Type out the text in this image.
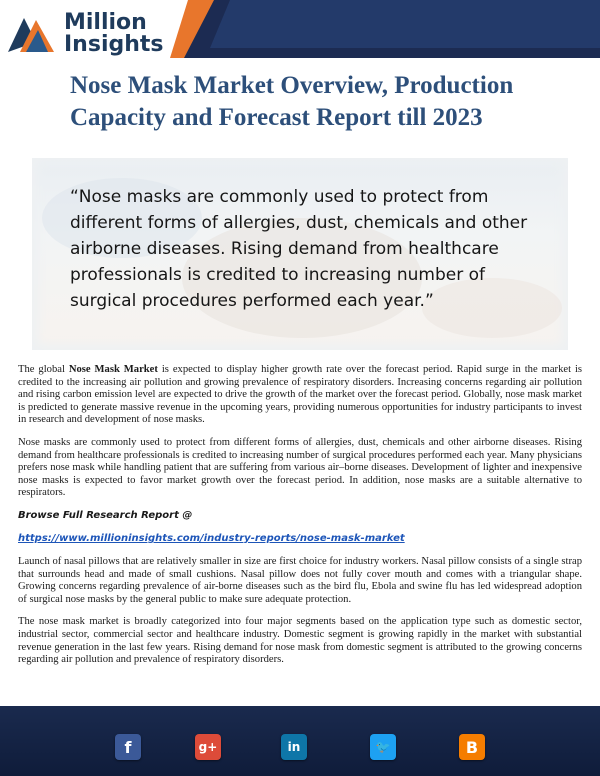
Million
Insights
Nose Mask Market Overview, Production Capacity and Forecast Report till 2023

“Nose masks are commonly used to protect from different forms of allergies, dust, chemicals and other airborne diseases. Rising demand from healthcare professionals is credited to increasing number of surgical procedures performed each year.”

The global Nose Mask Market is expected to display higher growth rate over the forecast period. Rapid surge in the market is credited to the increasing air pollution and growing prevalence of respiratory disorders. Increasing concerns regarding air pollution and rising carbon emission level are expected to drive the growth of the market over the forecast period. Globally, nose mask market is predicted to generate massive revenue in the upcoming years, providing numerous opportunities for industry participants to invest in research and development of nose masks.

Nose masks are commonly used to protect from different forms of allergies, dust, chemicals and other airborne diseases. Rising demand from healthcare professionals is credited to increasing number of surgical procedures performed each year. Many physicians prefers nose mask while handling patient that are suffering from various air–borne diseases. Development of lighter and inexpensive nose masks is expected to favor market growth over the forecast period. In addition, nose masks are a suitable alternative to respirators.

Browse Full Research Report @

https://www.millioninsights.com/industry-reports/nose-mask-market

Launch of nasal pillows that are relatively smaller in size are first choice for industry workers. Nasal pillow consists of a single strap that surrounds head and made of small cushions. Nasal pillow does not fully cover mouth and comes with a triangular shape. Growing concerns regarding prevalence of air-borne diseases such as the bird flu, Ebola and swine flu has led widespread adoption of surgical nose masks by the general public to make sure adequate protection.

The nose mask market is broadly categorized into four major segments based on the application type such as domestic sector, industrial sector, commercial sector and healthcare industry. Domestic segment is growing rapidly in the market with substantial revenue generation in the last few years. Rising demand for nose mask from domestic segment is attributed to the growing concerns regarding air pollution and prevalence of respiratory disorders.

f	g+	in	🐦	B
